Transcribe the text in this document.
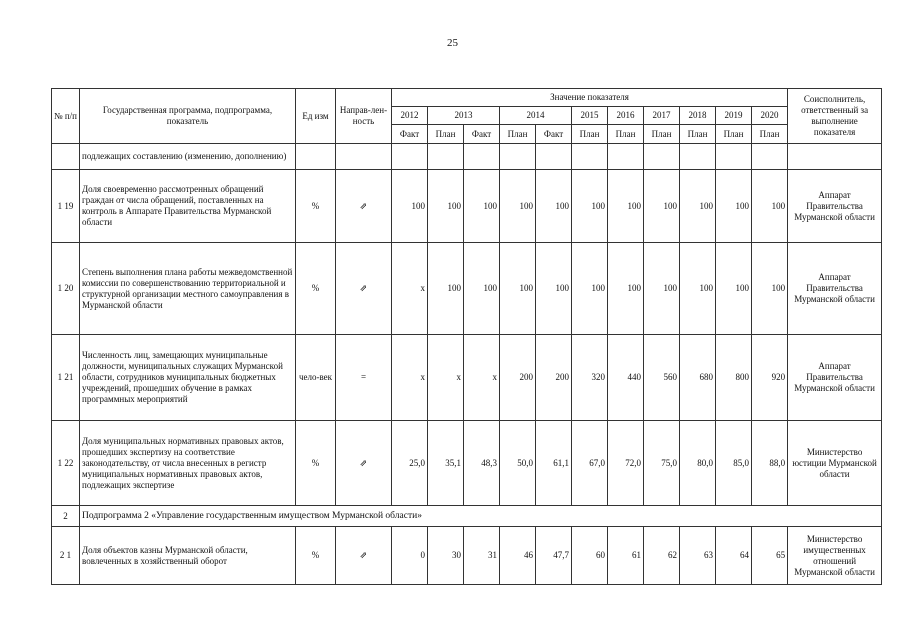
25
№ п/п	Государственная программа, подпрограмма, показатель	Ед изм	Направ-лен-ность	Значение показателя											Соисполнитель, ответственный за выполнение показателя
				2012	2013		2014		2015	2016	2017	2018	2019	2020	
				Факт	План	Факт	План	Факт	План	План	План	План	План	План	
	подлежащих составлению (изменению, дополнению)														
1 19	Доля своевременно рассмотренных обращений граждан от числа обращений, поставленных на контроль в Аппарате Правительства Мурманской области	%	⇗	100	100	100	100	100	100	100	100	100	100	100	Аппарат Правительства Мурманской области
1 20	Степень выполнения плана работы межведомственной комиссии по совершенствованию территориальной и структурной организации местного самоуправления в Мурманской области	%	⇗	x	100	100	100	100	100	100	100	100	100	100	Аппарат Правительства Мурманской области
1 21	Численность лиц, замещающих муниципальные должности, муниципальных служащих Мурманской области, сотрудников муниципальных бюджетных учреждений, прошедших обучение в рамках программных мероприятий	чело-век	=	x	x	x	200	200	320	440	560	680	800	920	Аппарат Правительства Мурманской области
1 22	Доля муниципальных нормативных правовых актов, прошедших экспертизу на соответствие законодательству, от числа внесенных в регистр муниципальных нормативных правовых актов, подлежащих экспертизе	%	⇗	25,0	35,1	48,3	50,0	61,1	67,0	72,0	75,0	80,0	85,0	88,0	Министерство юстиции Мурманской области
2	Подпрограмма 2 «Управление государственным имуществом Мурманской области»														
2 1	Доля объектов казны Мурманской области, вовлеченных в хозяйственный оборот	%	⇗	0	30	31	46	47,7	60	61	62	63	64	65	Министерство имущественных отношений Мурманской области
